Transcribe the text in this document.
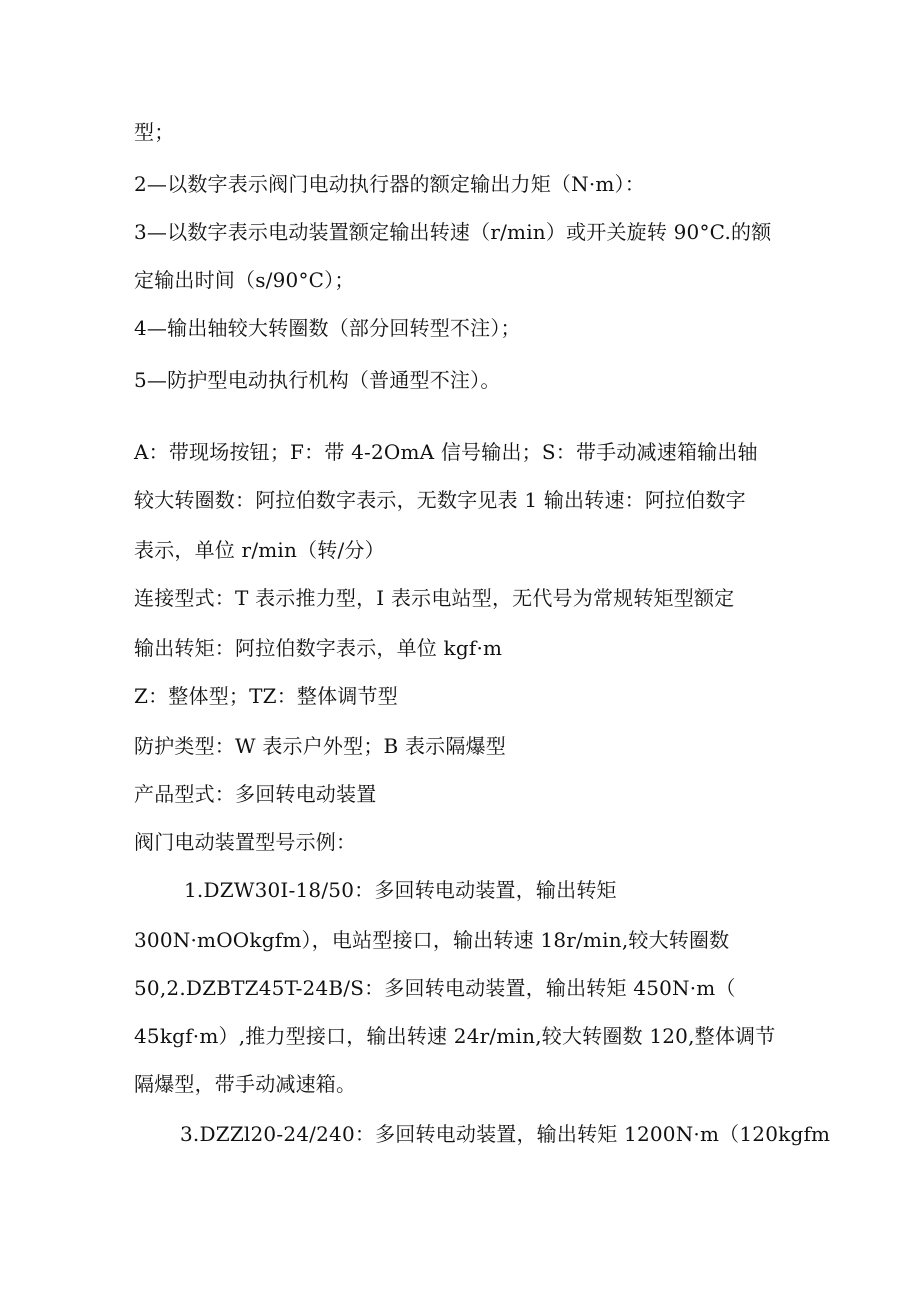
型；
2—以数字表示阀门电动执行器的额定输出力矩（N·m）：
3—以数字表示电动装置额定输出转速（r/min）或开关旋转 90°C.的额
定输出时间（s/90°C）；
4—输出轴较大转圈数（部分回转型不注）；
5—防护型电动执行机构（普通型不注）。
A：带现场按钮；F：带 4-2OmA 信号输出；S：带手动减速箱输出轴
较大转圈数：阿拉伯数字表示，无数字见表 1 输出转速：阿拉伯数字
表示，单位 r/min（转/分）
连接型式：T 表示推力型，I 表示电站型，无代号为常规转矩型额定
输出转矩：阿拉伯数字表示，单位 kgf·m
Z：整体型；TZ：整体调节型
防护类型：W 表示户外型；B 表示隔爆型
产品型式：多回转电动装置
阀门电动装置型号示例：
1.DZW30I-18/50：多回转电动装置，输出转矩
300N·mOOkgfm），电站型接口，输出转速 18r/min,较大转圈数
50,2.DZBTZ45T-24B/S：多回转电动装置，输出转矩 450N·m（
45kgf·m）,推力型接口，输出转速 24r/min,较大转圈数 120,整体调节
隔爆型，带手动减速箱。
3.DZZl20-24/240：多回转电动装置，输出转矩 1200N·m（120kgfm
